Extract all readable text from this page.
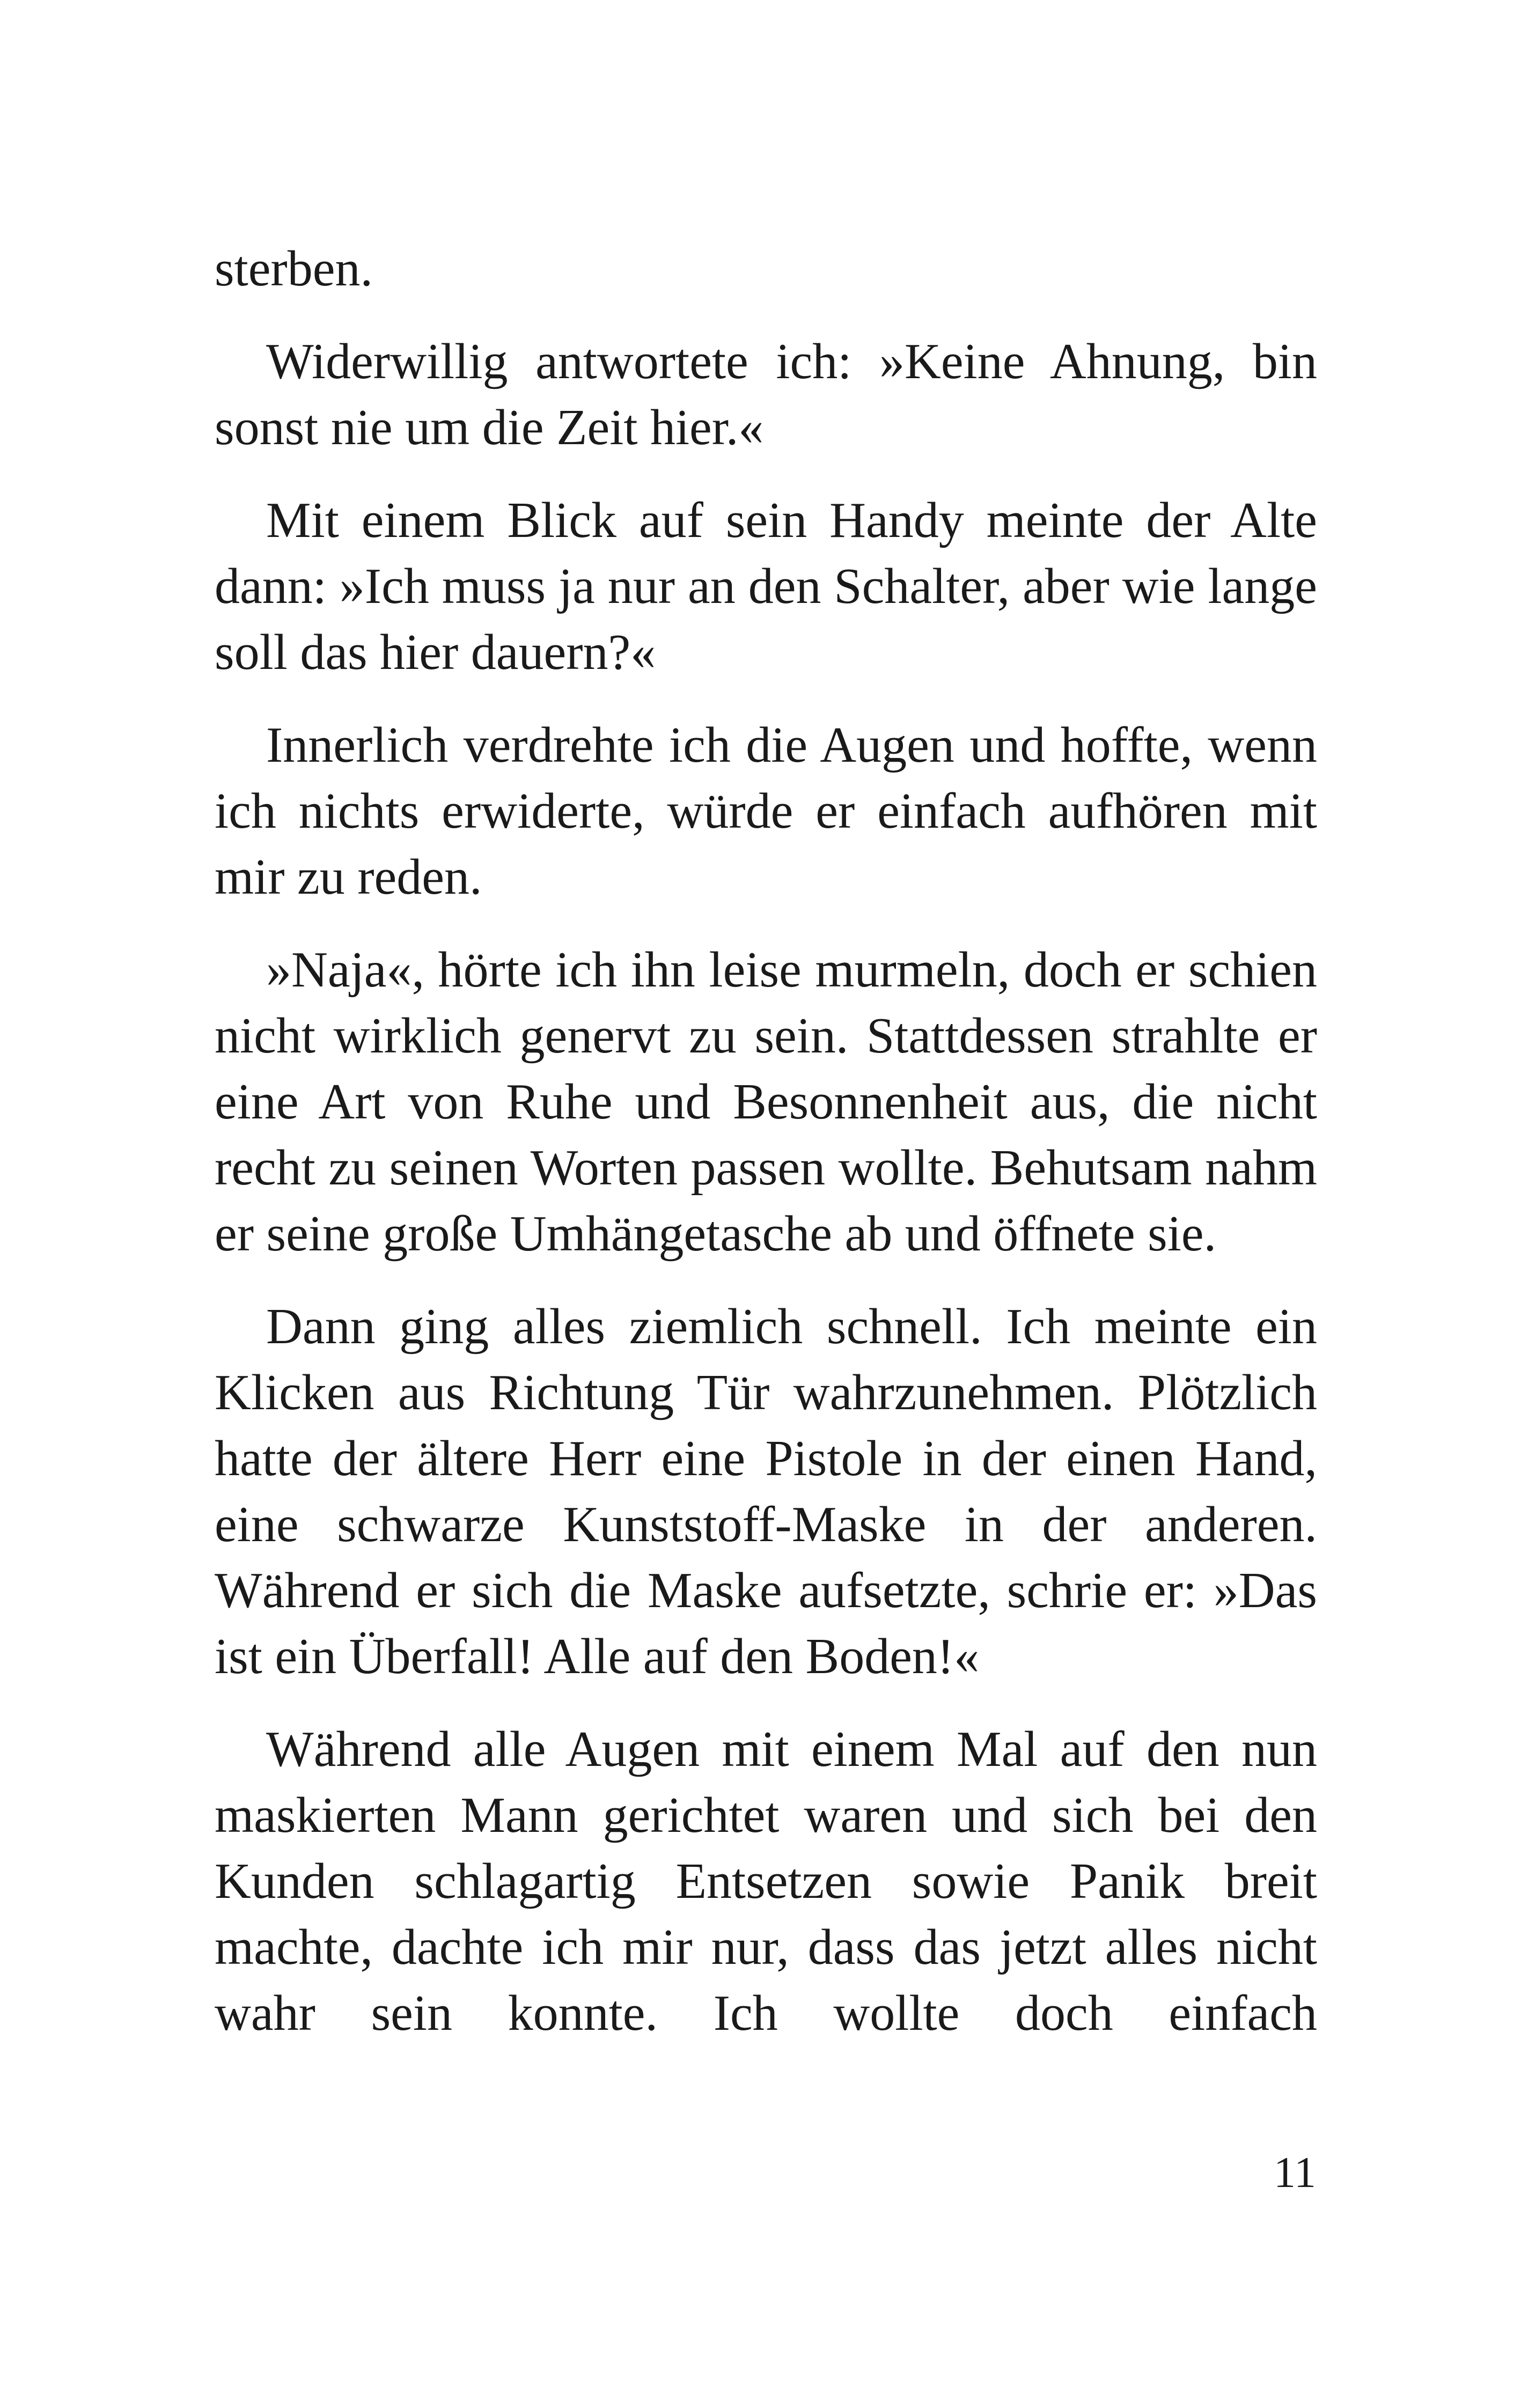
sterben.

Widerwillig antwortete ich: »Keine Ahnung, bin sonst nie um die Zeit hier.«

Mit einem Blick auf sein Handy meinte der Alte dann: »Ich muss ja nur an den Schalter, aber wie lange soll das hier dauern?«

Innerlich verdrehte ich die Augen und hoffte, wenn ich nichts erwiderte, würde er einfach aufhören mit mir zu reden.

»Naja«, hörte ich ihn leise murmeln, doch er schien nicht wirklich genervt zu sein. Stattdessen strahlte er eine Art von Ruhe und Besonnenheit aus, die nicht recht zu seinen Worten passen wollte. Behutsam nahm er seine große Umhängetasche ab und öffnete sie.

Dann ging alles ziemlich schnell. Ich meinte ein Klicken aus Richtung Tür wahrzunehmen. Plötzlich hatte der ältere Herr eine Pistole in der einen Hand, eine schwarze Kunststoff-Maske in der anderen. Während er sich die Maske aufsetzte, schrie er: »Das ist ein Überfall! Alle auf den Boden!«

Während alle Augen mit einem Mal auf den nun maskierten Mann gerichtet waren und sich bei den Kunden schlagartig Entsetzen sowie Panik breit machte, dachte ich mir nur, dass das jetzt alles nicht wahr sein konnte. Ich wollte doch einfach

11
